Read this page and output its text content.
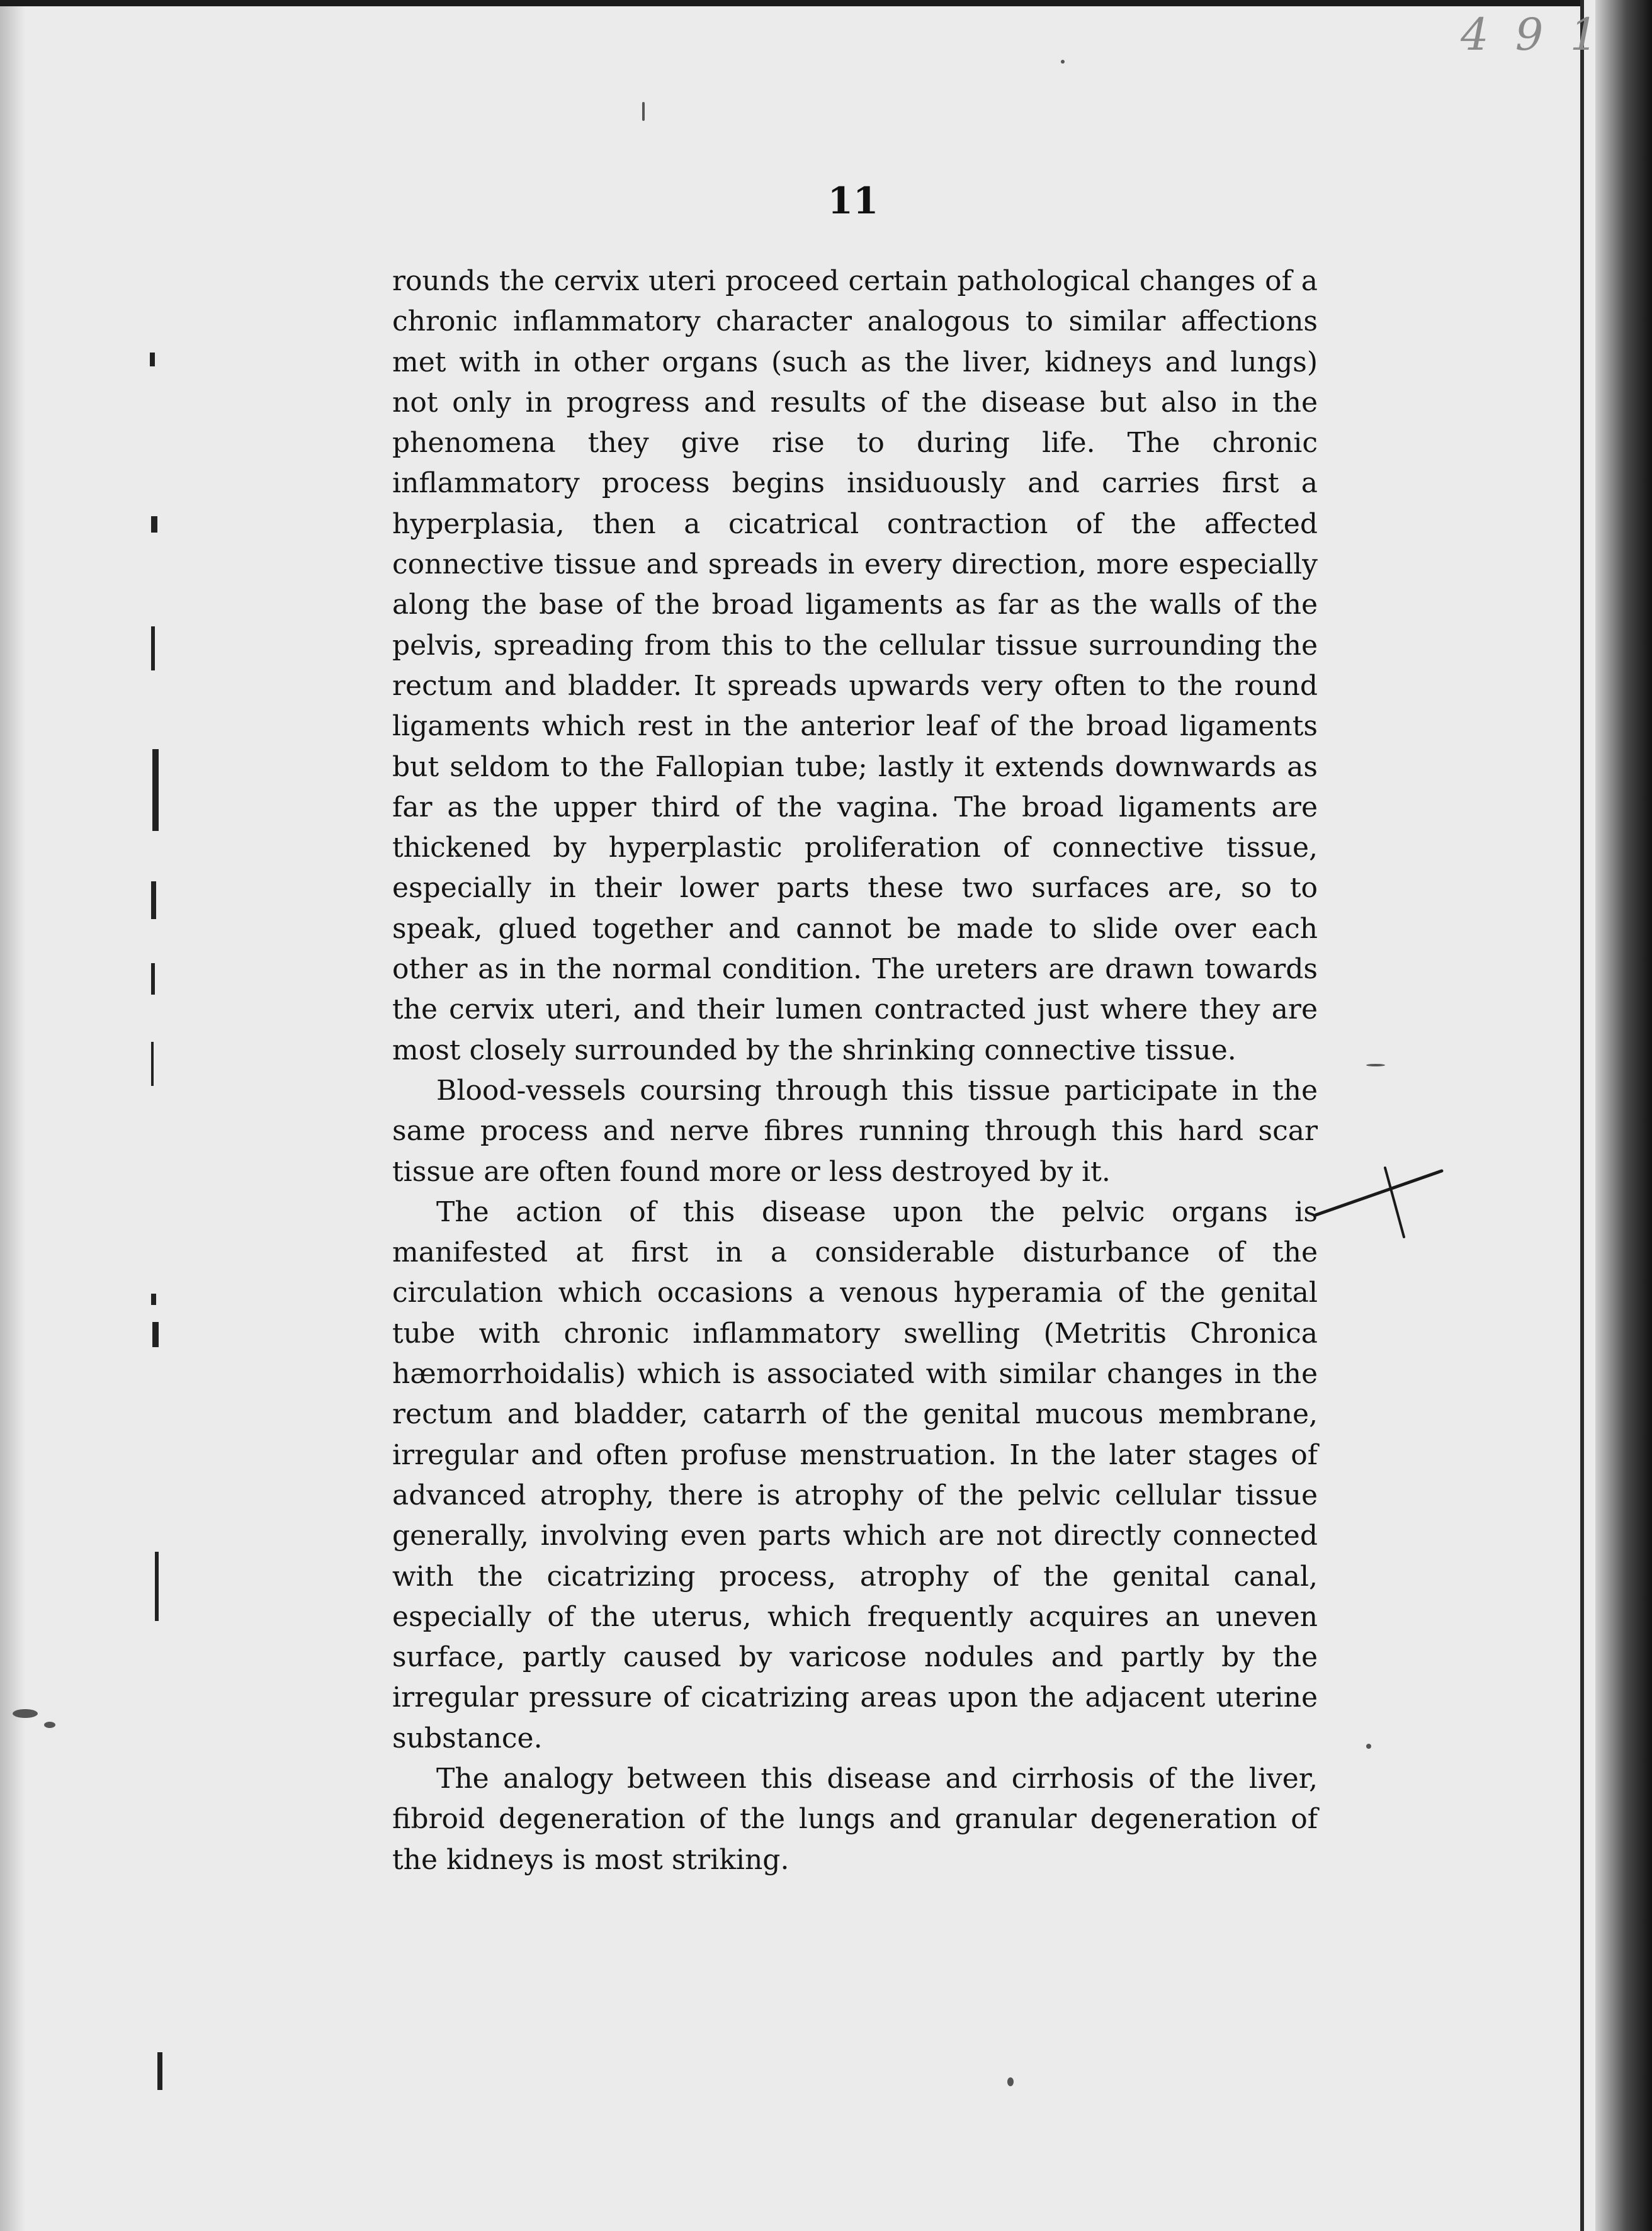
4 9 1
11

rounds the cervix uteri proceed certain pathological changes of a chronic inflammatory character analogous to similar affections met with in other organs (such as the liver, kidneys and lungs) not only in progress and results of the disease but also in the phenomena they give rise to during life. The chronic inflammatory process begins insiduously and carries first a hyperplasia, then a cicatrical contraction of the affected connective tissue and spreads in every direction, more especially along the base of the broad ligaments as far as the walls of the pelvis, spreading from this to the cellular tissue surrounding the rectum and bladder. It spreads upwards very often to the round ligaments which rest in the anterior leaf of the broad ligaments but seldom to the Fallopian tube; lastly it extends downwards as far as the upper third of the vagina. The broad ligaments are thickened by hyperplastic proliferation of connective tissue, especially in their lower parts these two surfaces are, so to speak, glued together and cannot be made to slide over each other as in the normal condition. The ureters are drawn towards the cervix uteri, and their lumen contracted just where they are most closely surrounded by the shrinking connective tissue.

Blood-vessels coursing through this tissue participate in the same process and nerve fibres running through this hard scar tissue are often found more or less destroyed by it.

The action of this disease upon the pelvic organs is manifested at first in a considerable disturbance of the circulation which occasions a venous hyperamia of the genital tube with chronic inflammatory swelling (Metritis Chronica hæmorrhoidalis) which is associated with similar changes in the rectum and bladder, catarrh of the genital mucous membrane, irregular and often profuse menstruation. In the later stages of advanced atrophy, there is atrophy of the pelvic cellular tissue generally, involving even parts which are not directly connected with the cicatrizing process, atrophy of the genital canal, especially of the uterus, which frequently acquires an uneven surface, partly caused by varicose nodules and partly by the irregular pressure of cicatrizing areas upon the adjacent uterine substance.

The analogy between this disease and cirrhosis of the liver, fibroid degeneration of the lungs and granular degeneration of the kidneys is most striking.
